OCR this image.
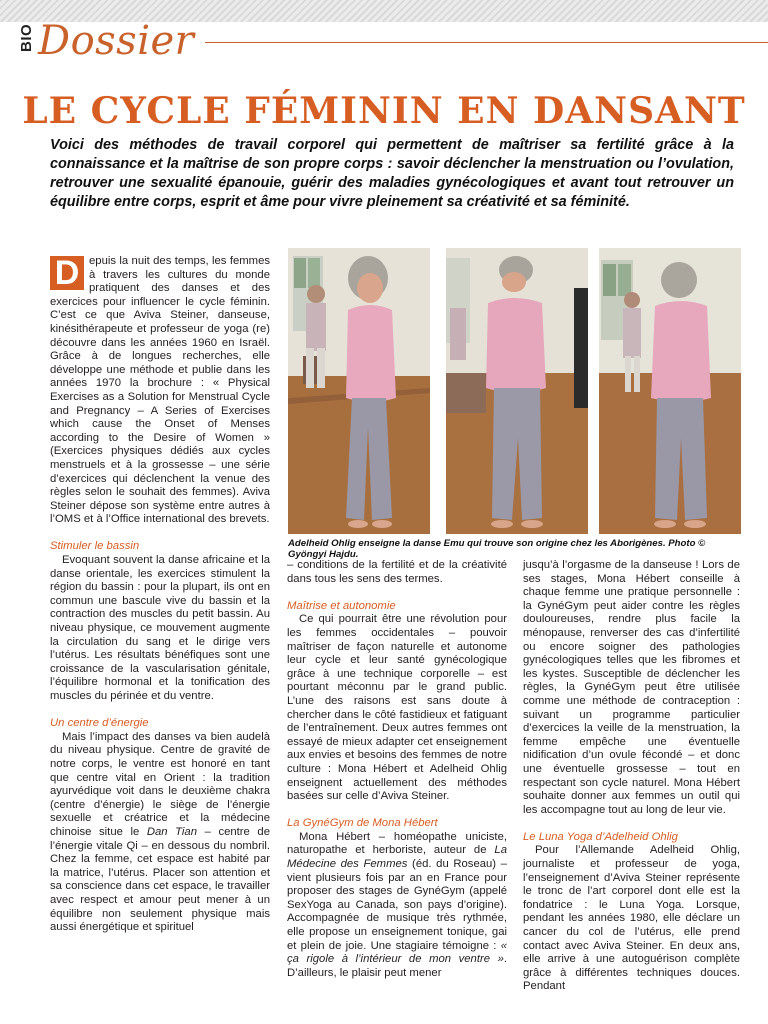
BIO Dossier
LE CYCLE FÉMININ EN DANSANT

Voici des méthodes de travail corporel qui permettent de maîtriser sa fertilité grâce à la connaissance et la maîtrise de son propre corps : savoir déclencher la menstruation ou l’ovulation, retrouver une sexualité épanouie, guérir des maladies gynécologiques et avant tout retrouver un équilibre entre corps, esprit et âme pour vivre pleinement sa créativité et sa féminité.

D epuis la nuit des temps, les femmes à travers les cultures du monde pratiquent des danses et des exercices pour influencer le cycle féminin. C’est ce que Aviva Steiner, danseuse, kinésithérapeute et professeur de yoga (re) découvre dans les années 1960 en Israël. Grâce à de longues recherches, elle développe une méthode et publie dans les années 1970 la brochure : « Physical Exercises as a Solution for Menstrual Cycle and Pregnancy – A Series of Exercises which cause the Onset of Menses according to the Desire of Women » (Exercices physiques dédiés aux cycles menstruels et à la grossesse – une série d’exercices qui déclenchent la venue des règles selon le souhait des femmes). Aviva Steiner dépose son système entre autres à l’OMS et à l’Office international des brevets.

Stimuler le bassin

Evoquant souvent la danse africaine et la danse orientale, les exercices stimulent la région du bassin : pour la plupart, ils ont en commun une bascule vive du bassin et la contraction des muscles du petit bassin. Au niveau physique, ce mouvement augmente la circulation du sang et le dirige vers l’utérus. Les résultats bénéfiques sont une croissance de la vascularisation génitale, l’équilibre hormonal et la tonification des muscles du périnée et du ventre.

Un centre d’énergie

Mais l’impact des danses va bien audelà du niveau physique. Centre de gravité de notre corps, le ventre est honoré en tant que centre vital en Orient : la tradition ayurvédique voit dans le deuxième chakra (centre d’énergie) le siège de l’énergie sexuelle et créatrice et la médecine chinoise situe le Dan Tian – centre de l’énergie vitale Qi – en dessous du nombril. Chez la femme, cet espace est habité par la matrice, l’utérus. Placer son attention et sa conscience dans cet espace, le travailler avec respect et amour peut mener à un équilibre non seulement physique mais aussi énergétique et spirituel

Adelheid Ohlig enseigne la danse Emu qui trouve son origine chez les Aborigènes. Photo © Gyöngyi Hajdu.

– conditions de la fertilité et de la créativité dans tous les sens des termes.

Maîtrise et autonomie

Ce qui pourrait être une révolution pour les femmes occidentales – pouvoir maîtriser de façon naturelle et autonome leur cycle et leur santé gynécologique grâce à une technique corporelle – est pourtant méconnu par le grand public. L’une des raisons est sans doute à chercher dans le côté fastidieux et fatiguant de l’entraînement. Deux autres femmes ont essayé de mieux adapter cet enseignement aux envies et besoins des femmes de notre culture : Mona Hébert et Adelheid Ohlig enseignent actuellement des méthodes basées sur celle d’Aviva Steiner.

La GynéGym de Mona Hébert

Mona Hébert – homéopathe uniciste, naturopathe et herboriste, auteur de La Médecine des Femmes (éd. du Roseau) – vient plusieurs fois par an en France pour proposer des stages de GynéGym (appelé SexYoga au Canada, son pays d’origine). Accompagnée de musique très rythmée, elle propose un enseignement tonique, gai et plein de joie. Une stagiaire témoigne : « ça rigole à l’intérieur de mon ventre ». D’ailleurs, le plaisir peut mener

jusqu’à l’orgasme de la danseuse ! Lors de ses stages, Mona Hébert conseille à chaque femme une pratique personnelle : la GynéGym peut aider contre les règles douloureuses, rendre plus facile la ménopause, renverser des cas d’infertilité ou encore soigner des pathologies gynécologiques telles que les fibromes et les kystes. Susceptible de déclencher les règles, la GynéGym peut être utilisée comme une méthode de contraception : suivant un programme particulier d’exercices la veille de la menstruation, la femme empêche une éventuelle nidification d’un ovule fécondé – et donc une éventuelle grossesse – tout en respectant son cycle naturel. Mona Hébert souhaite donner aux femmes un outil qui les accompagne tout au long de leur vie.

Le Luna Yoga d’Adelheid Ohlig

Pour l’Allemande Adelheid Ohlig, journaliste et professeur de yoga, l’enseignement d’Aviva Steiner représente le tronc de l’art corporel dont elle est la fondatrice : le Luna Yoga. Lorsque, pendant les années 1980, elle déclare un cancer du col de l’utérus, elle prend contact avec Aviva Steiner. En deux ans, elle arrive à une autoguérison complète grâce à différentes techniques douces. Pendant
